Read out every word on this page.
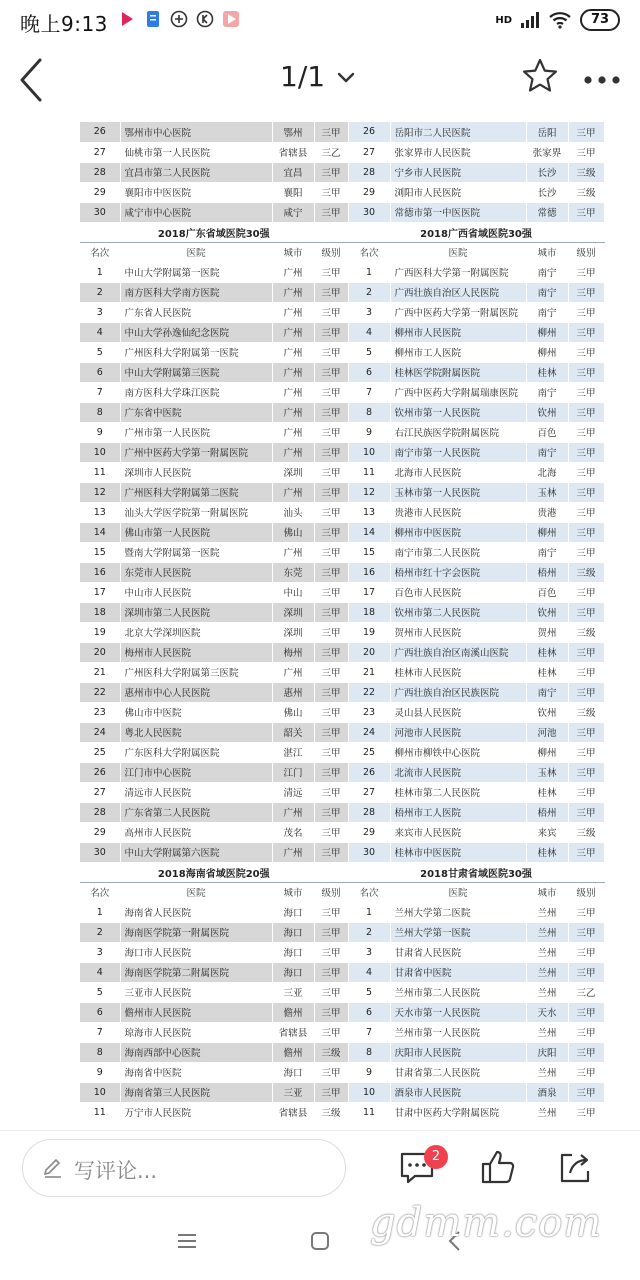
晚上9:13	HD	73
1/1
26	鄂州市中心医院	鄂州	三甲	26	岳阳市二人民医院	岳阳	三甲
27	仙桃市第一人民医院	省辖县	三乙	27	张家界市人民医院	张家界	三甲
28	宜昌市第二人民医院	宜昌	三甲	28	宁乡市人民医院	长沙	三级
29	襄阳市中医医院	襄阳	三甲	29	浏阳市人民医院	长沙	三级
30	咸宁市中心医院	咸宁	三甲	30	常德市第一中医医院	常德	三甲
2018广东省域医院30强				2018广西省域医院30强			
名次	医院	城市	级别	名次	医院	城市	级别
1	中山大学附属第一医院	广州	三甲	1	广西医科大学第一附属医院	南宁	三甲
2	南方医科大学南方医院	广州	三甲	2	广西壮族自治区人民医院	南宁	三甲
3	广东省人民医院	广州	三甲	3	广西中医药大学第一附属医院	南宁	三甲
4	中山大学孙逸仙纪念医院	广州	三甲	4	柳州市人民医院	柳州	三甲
5	广州医科大学附属第一医院	广州	三甲	5	柳州市工人医院	柳州	三甲
6	中山大学附属第三医院	广州	三甲	6	桂林医学院附属医院	桂林	三甲
7	南方医科大学珠江医院	广州	三甲	7	广西中医药大学附属瑞康医院	南宁	三甲
8	广东省中医院	广州	三甲	8	钦州市第一人民医院	钦州	三甲
9	广州市第一人民医院	广州	三甲	9	右江民族医学院附属医院	百色	三甲
10	广州中医药大学第一附属医院	广州	三甲	10	南宁市第一人民医院	南宁	三甲
11	深圳市人民医院	深圳	三甲	11	北海市人民医院	北海	三甲
12	广州医科大学附属第二医院	广州	三甲	12	玉林市第一人民医院	玉林	三甲
13	汕头大学医学院第一附属医院	汕头	三甲	13	贵港市人民医院	贵港	三甲
14	佛山市第一人民医院	佛山	三甲	14	柳州市中医医院	柳州	三甲
15	暨南大学附属第一医院	广州	三甲	15	南宁市第二人民医院	南宁	三甲
16	东莞市人民医院	东莞	三甲	16	梧州市红十字会医院	梧州	三级
17	中山市人民医院	中山	三甲	17	百色市人民医院	百色	三甲
18	深圳市第二人民医院	深圳	三甲	18	钦州市第二人民医院	钦州	三甲
19	北京大学深圳医院	深圳	三甲	19	贺州市人民医院	贺州	三级
20	梅州市人民医院	梅州	三甲	20	广西壮族自治区南溪山医院	桂林	三甲
21	广州医科大学附属第三医院	广州	三甲	21	桂林市人民医院	桂林	三甲
22	惠州市中心人民医院	惠州	三甲	22	广西壮族自治区民族医院	南宁	三甲
23	佛山市中医院	佛山	三甲	23	灵山县人民医院	钦州	三级
24	粤北人民医院	韶关	三甲	24	河池市人民医院	河池	三甲
25	广东医科大学附属医院	湛江	三甲	25	柳州市柳铁中心医院	柳州	三甲
26	江门市中心医院	江门	三甲	26	北流市人民医院	玉林	三甲
27	清远市人民医院	清远	三甲	27	桂林市第二人民医院	桂林	三甲
28	广东省第二人民医院	广州	三甲	28	梧州市工人医院	梧州	三甲
29	高州市人民医院	茂名	三甲	29	来宾市人民医院	来宾	三级
30	中山大学附属第六医院	广州	三甲	30	桂林市中医医院	桂林	三甲
2018海南省域医院20强				2018甘肃省域医院30强			
名次	医院	城市	级别	名次	医院	城市	级别
1	海南省人民医院	海口	三甲	1	兰州大学第二医院	兰州	三甲
2	海南医学院第一附属医院	海口	三甲	2	兰州大学第一医院	兰州	三甲
3	海口市人民医院	海口	三甲	3	甘肃省人民医院	兰州	三甲
4	海南医学院第二附属医院	海口	三甲	4	甘肃省中医院	兰州	三甲
5	三亚市人民医院	三亚	三甲	5	兰州市第二人民医院	兰州	三乙
6	儋州市人民医院	儋州	三甲	6	天水市第一人民医院	天水	三甲
7	琼海市人民医院	省辖县	三甲	7	兰州市第一人民医院	兰州	三甲
8	海南西部中心医院	儋州	三级	8	庆阳市人民医院	庆阳	三甲
9	海南省中医院	海口	三甲	9	甘肃省第二人民医院	兰州	三甲
10	海南省第三人民医院	三亚	三甲	10	酒泉市人民医院	酒泉	三甲
11	万宁市人民医院	省辖县	三级	11	甘肃中医药大学附属医院	兰州	三甲
写评论...
2
gdmm.com
